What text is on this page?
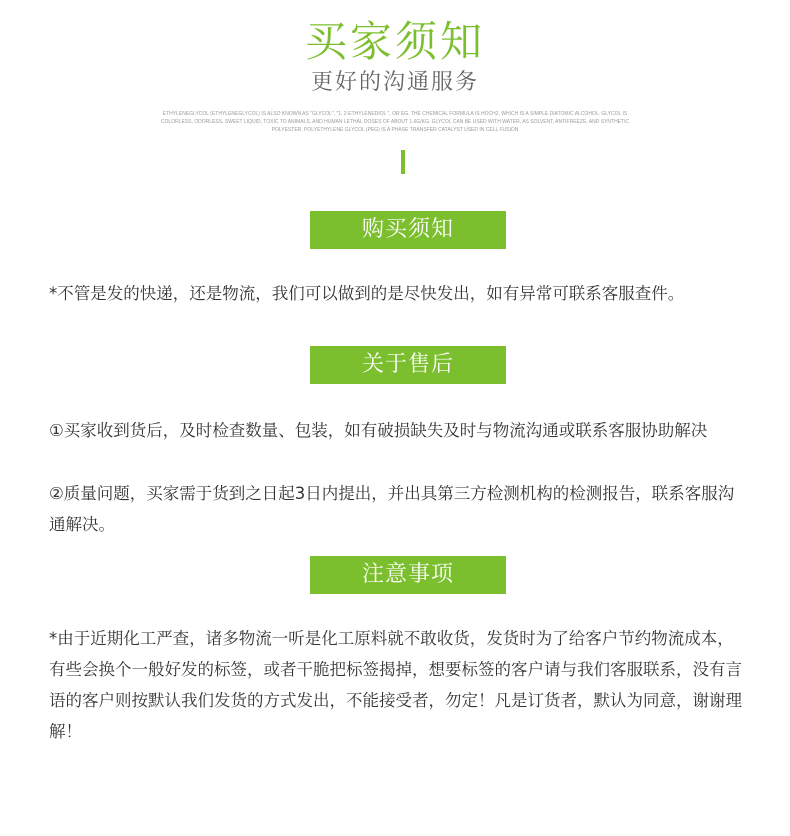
买家须知
更好的沟通服务
ETHYLENEGLYCOL (ETHYLENEGLYCOL) IS ALSO KNOWN AS "GLYCOL", "1, 2-ETHYLENEDIOL ", OR EG. THE CHEMICAL FORMULA IS HOCH2, WHICH IS A SIMPLE DIATOMIC ALCOHOL. GLYCOL IS COLORLESS, ODORLESS, SWEET LIQUID, TOXIC TO ANIMALS, AND HUMAN LETHAL DOSES OF ABOUT 1.6G/KG. GLYCOL CAN BE USED WITH WATER, AS SOLVENT, ANTIFREEZE, AND SYNTHETIC POLYESTER. POLYETHYLENE GLYCOL (PEG) IS A PHASE TRANSFER CATALYST USED IN CELL FUSION
购买须知
*不管是发的快递，还是物流，我们可以做到的是尽快发出，如有异常可联系客服查件。
关于售后
①买家收到货后，及时检查数量、包装，如有破损缺失及时与物流沟通或联系客服协助解决
②质量问题，买家需于货到之日起3日内提出，并出具第三方检测机构的检测报告，联系客服沟通解决。
注意事项
*由于近期化工严查，诸多物流一听是化工原料就不敢收货，发货时为了给客户节约物流成本，有些会换个一般好发的标签，或者干脆把标签揭掉，想要标签的客户请与我们客服联系，没有言语的客户则按默认我们发货的方式发出，不能接受者，勿定！凡是订货者，默认为同意，谢谢理解！
